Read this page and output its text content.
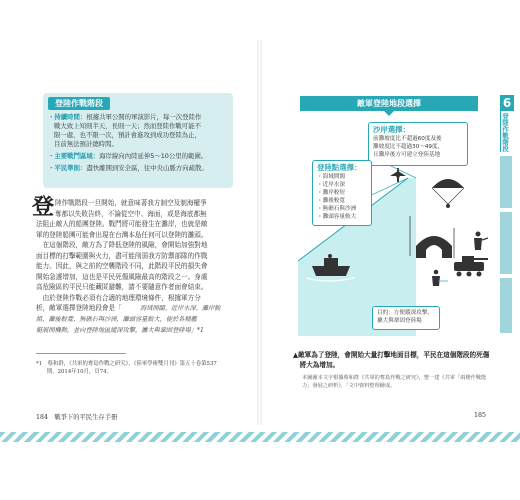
登陸作戰階段
・持續時間：根據共軍公開的軍演影片，每一次登陸作
戰大致上知則半天，長則一天；然而登陸作戰可能不
限一處，也不限一次，預計會進攻到成功登陸為止，
目前無法預計總時間。
・主要戰鬥區域：海岸線向內陸延伸5～10公里的範圍。
・平民準則：盡快離開到安全區，往中央山脈方向疏散。
登 陸作戰階段一旦開始，就意味著我方制空及制海權爭
奪都以失敗告終，不論從空中、海面，或是海底都無
法阻止敵人的船團登陸。戰鬥將可能發生在灘岸，也就是敵
軍的登陸船團可能會出現在台灣本島任何可以登陸的灘頭。
　在這個階段，敵方為了降低登陸的風險，會開始加強對地
面目標的打擊範圍與火力，盡可能削弱我方防禦部隊的作戰
能力。因此，與之前的空襲階段不同，此階段平民的損失會
開始急遽增加，這也是平民死傷風險最高的階段之一。身處
高危險區的平民只能藏匿避難，請不要隨意作者面會結束。
　由於登陸作戰必須有合適的地理環境條件，根據軍方分
析，敵軍選擇登陸地段會是「	海域開闊、近岸水深、灘岸較
組、灘後較寬、無礁石與沙洲，灘頭容量較大，便於各種艦
艇展開機動，並向登陸地區縱深攻擊，攜大與鞏固登陸場」*1
*1　蔡和群，《共軍的奪島作戰之研究》，《陸軍學術雙月刊》第五十卷第537
　　期，2014年10月，頁74。
184　戰爭下的平民生存手冊
敵軍登陸地段選擇	6
登陸作戰階段
沙岸選擇：
前灘坡度比不超過60度及後
灘坡度比不超過30～49度，
且灘岸後方可建立登陸基地
登陸點選擇：
・海域開闊
・近岸水深
・灘岸較短
・灘後較寬
・無礁石與沙洲
・灘頭容量較大
目的：方便縱深攻擊、
擴大與鞏固登陸場
▲敵軍為了登陸，會開始大量打擊地面目標，平民在這個階段的死傷
　將大為增加。
本圖圖本文字根據蔡和群《共軍的奪島作戰之研究》，整一建《共軍「兩棲作戰能
力」發展之研析》，「文中資料整理繪成。
185
